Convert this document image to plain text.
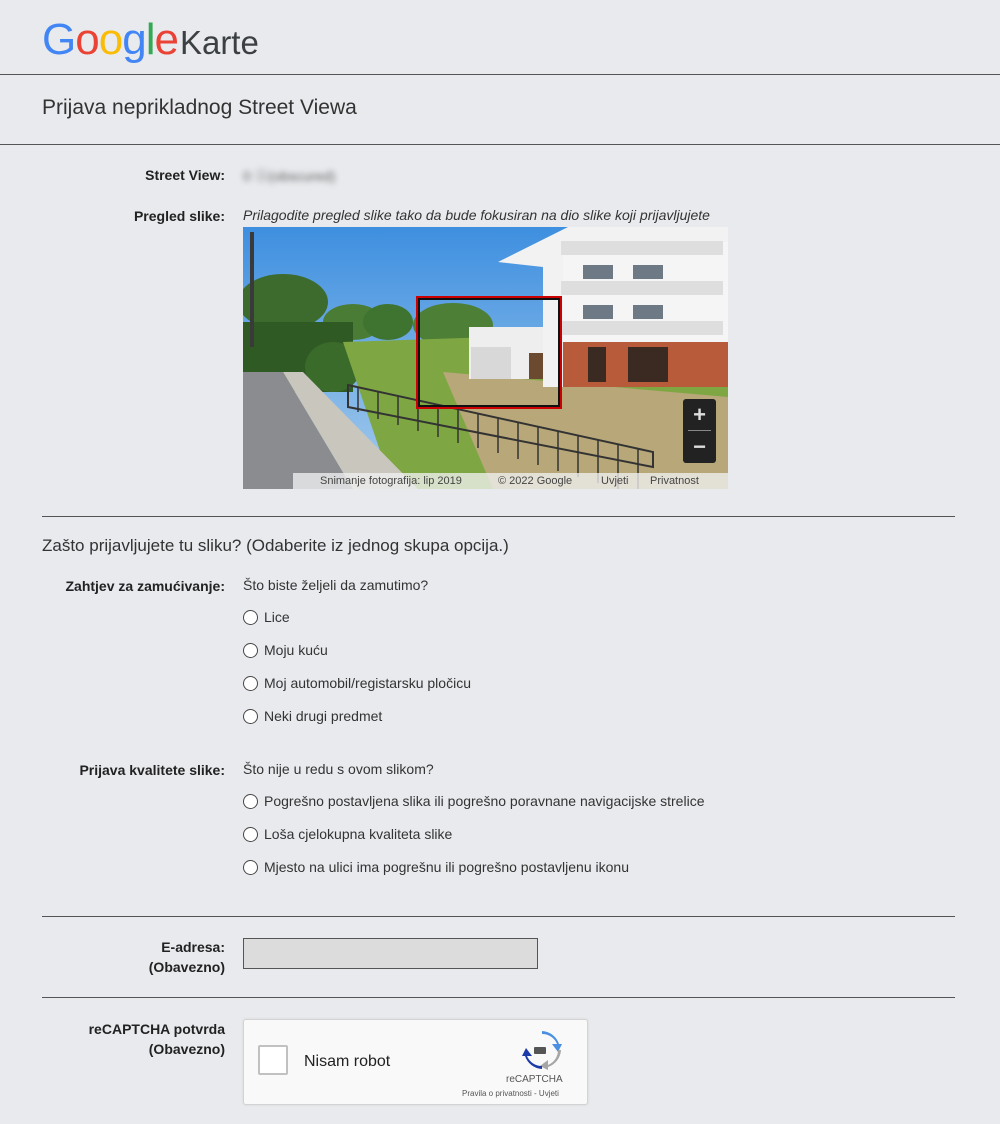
GoogleKarte
Prijava neprikladnog Street Viewa
Street View: 0 Ⓐ(obscured)
Pregled slike: Prilagodite pregled slike tako da bude fokusiran na dio slike koji prijavljujete
+
−
Snimanje fotografija: lip 2019	© 2022 Google	Uvjeti Privatnost
Zašto prijavljujete tu sliku? (Odaberite iz jednog skupa opcija.)
Zahtjev za zamućivanje: Što biste željeli da zamutimo?
Lice
Moju kuću
Moj automobil/registarsku pločicu
Neki drugi predmet
Prijava kvalitete slike: Što nije u redu s ovom slikom?
Pogrešno postavljena slika ili pogrešno poravnane navigacijske strelice
Loša cjelokupna kvaliteta slike
Mjesto na ulici ima pogrešnu ili pogrešno postavljenu ikonu
E-adresa:
(Obavezno)
reCAPTCHA potvrda
(Obavezno)
Nisam robot
reCAPTCHA
Pravila o privatnosti - Uvjeti
